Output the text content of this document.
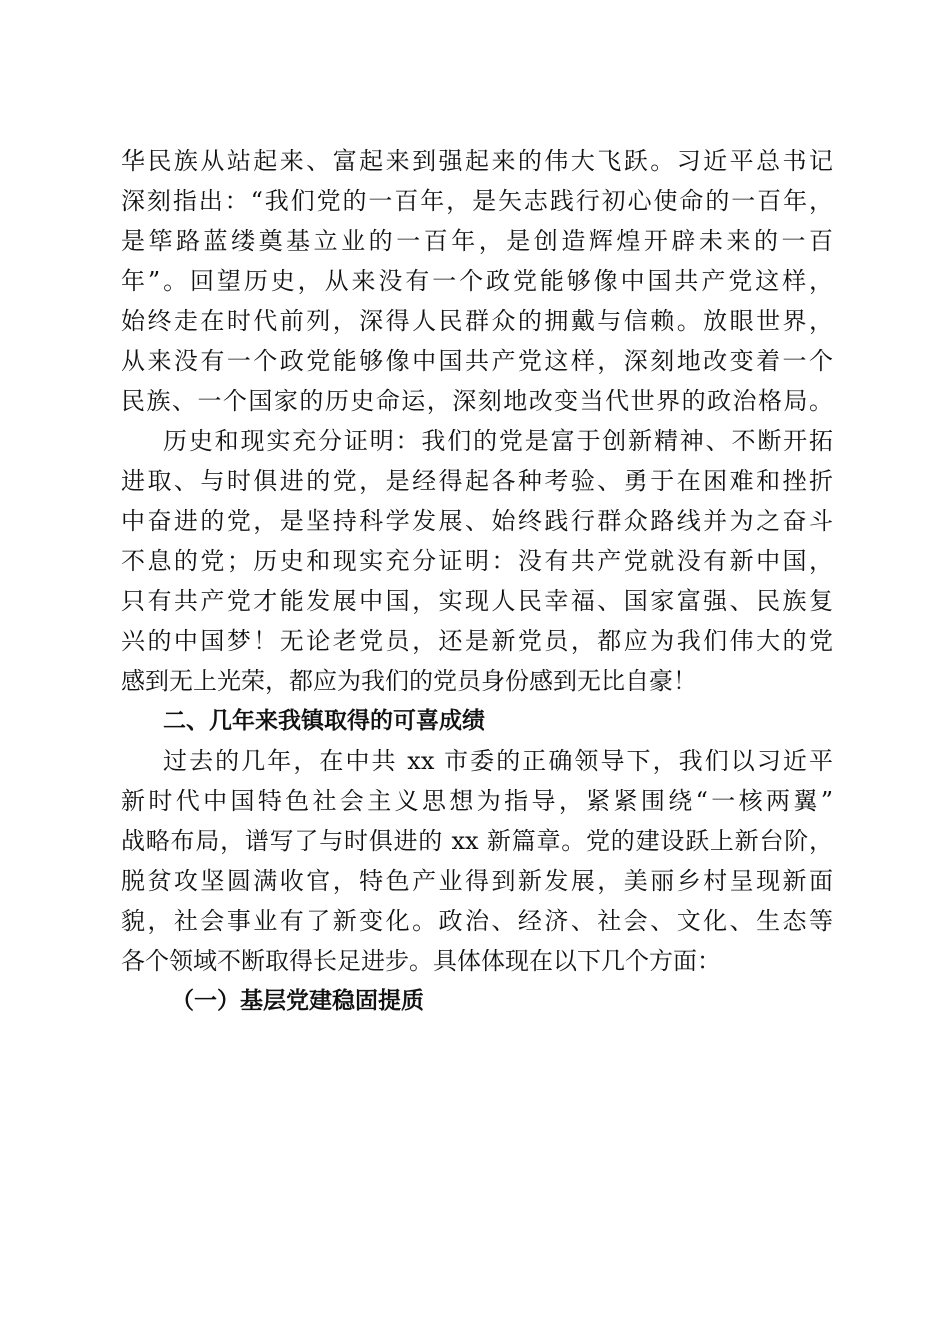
华民族从站起来、富起来到强起来的伟大飞跃。习近平总书记
深刻指出：“我们党的一百年，是矢志践行初心使命的一百年，
是筚路蓝缕奠基立业的一百年，是创造辉煌开辟未来的一百
年”。回望历史，从来没有一个政党能够像中国共产党这样，
始终走在时代前列，深得人民群众的拥戴与信赖。放眼世界，
从来没有一个政党能够像中国共产党这样，深刻地改变着一个
民族、一个国家的历史命运，深刻地改变当代世界的政治格局。
历史和现实充分证明：我们的党是富于创新精神、不断开拓
进取、与时俱进的党，是经得起各种考验、勇于在困难和挫折
中奋进的党，是坚持科学发展、始终践行群众路线并为之奋斗
不息的党；历史和现实充分证明：没有共产党就没有新中国，
只有共产党才能发展中国，实现人民幸福、国家富强、民族复
兴的中国梦！无论老党员，还是新党员，都应为我们伟大的党
感到无上光荣，都应为我们的党员身份感到无比自豪！
二、几年来我镇取得的可喜成绩
过去的几年，在中共 xx 市委的正确领导下，我们以习近平
新时代中国特色社会主义思想为指导，紧紧围绕“一核两翼”
战略布局，谱写了与时俱进的 xx 新篇章。党的建设跃上新台阶，
脱贫攻坚圆满收官，特色产业得到新发展，美丽乡村呈现新面
貌，社会事业有了新变化。政治、经济、社会、文化、生态等
各个领域不断取得长足进步。具体体现在以下几个方面：
（一）基层党建稳固提质
